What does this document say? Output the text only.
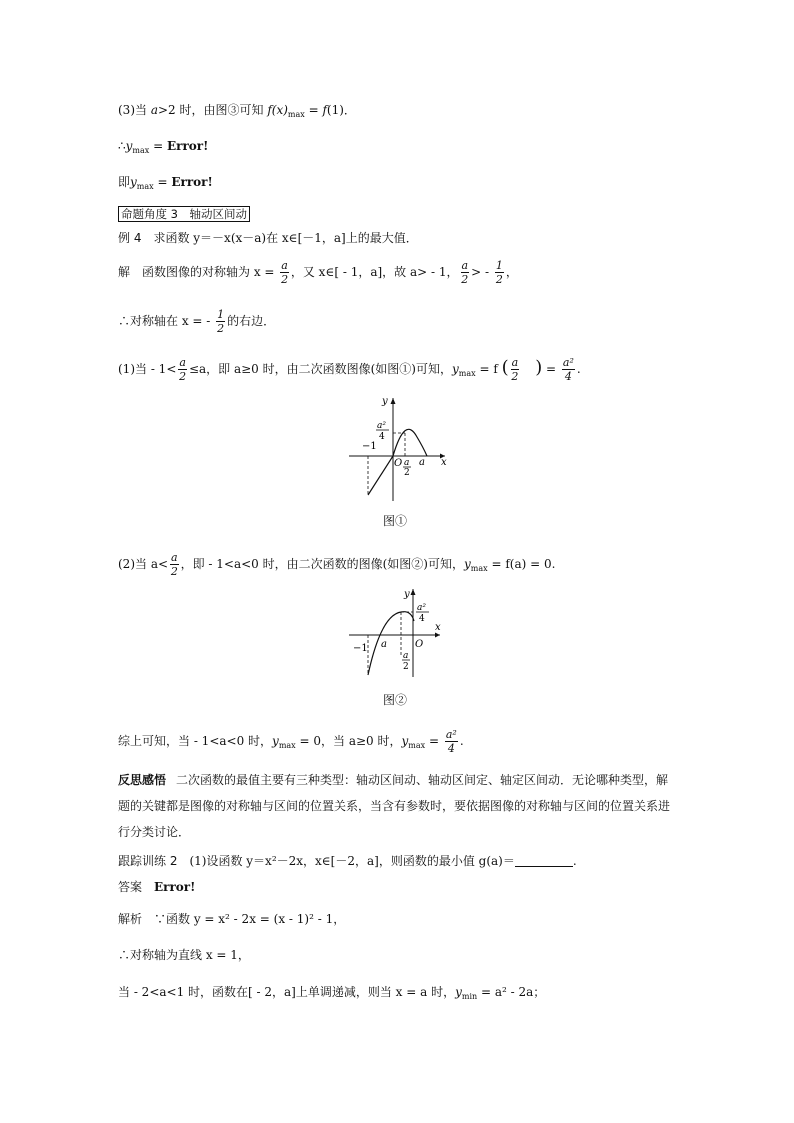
(3)当 a>2 时，由图③可知 $f(x)_{max} = f(1)$．
$\therefore y_{max}$ = Error!
即$y_{max}$ = Error!
命题角度 3　轴动区间动
例 4　求函数 y＝－x(x－a)在 x∈[－1，a]上的最大值．
解　函数图像的对称轴为 $x = \frac{a}{2}$ ，又 x∈[ - 1，a]，故 a> - 1， $\frac{a}{2}$ > - $\frac{1}{2}$ ，
∴对称轴在 x = - $\frac{1}{2}$ 的右边．
(1)当 - $1< \frac{a}{2} \le a$，即 a≥0 时，由二次函数图像(如图①)可知，$y_{max} = f$ ( $\frac{a}{2}$ ) = $\frac{\text{a²}}{4}$ .
y
x
O
−1
a
a
2
a²
4
图①
(2)当 $a< \frac{a}{2}$ ，即 - 1<a<0 时，由二次函数的图像(如图②)可知，$y_{max} = f(a) = 0$.
y
x
O
−1 a
a
2
a²
4
图②
综上可知，当 - 1<a<0 时，$y_{max} = 0$，当 a≥0 时，$y_{max} = \frac{\text{a²}}{4}$ .
反思感悟 二次函数的最值主要有三种类型：轴动区间动、轴动区间定、轴定区间动．无论哪种类型，解题的关键都是图像的对称轴与区间的位置关系，当含有参数时，要依据图像的对称轴与区间的位置关系进行分类讨论．
跟踪训练 2　(1)设函数 y＝x²－2x，x∈[－2，a]，则函数的最小值 g(a)＝	.
答案　Error!
解析　∵函数 y = x² - 2x = (x - 1)² - 1，
∴对称轴为直线 x = 1，
当 - 2<a<1 时，函数在[ - 2，a]上单调递减，则当 x = a 时，$y_{min} = a^2 - 2a$；
